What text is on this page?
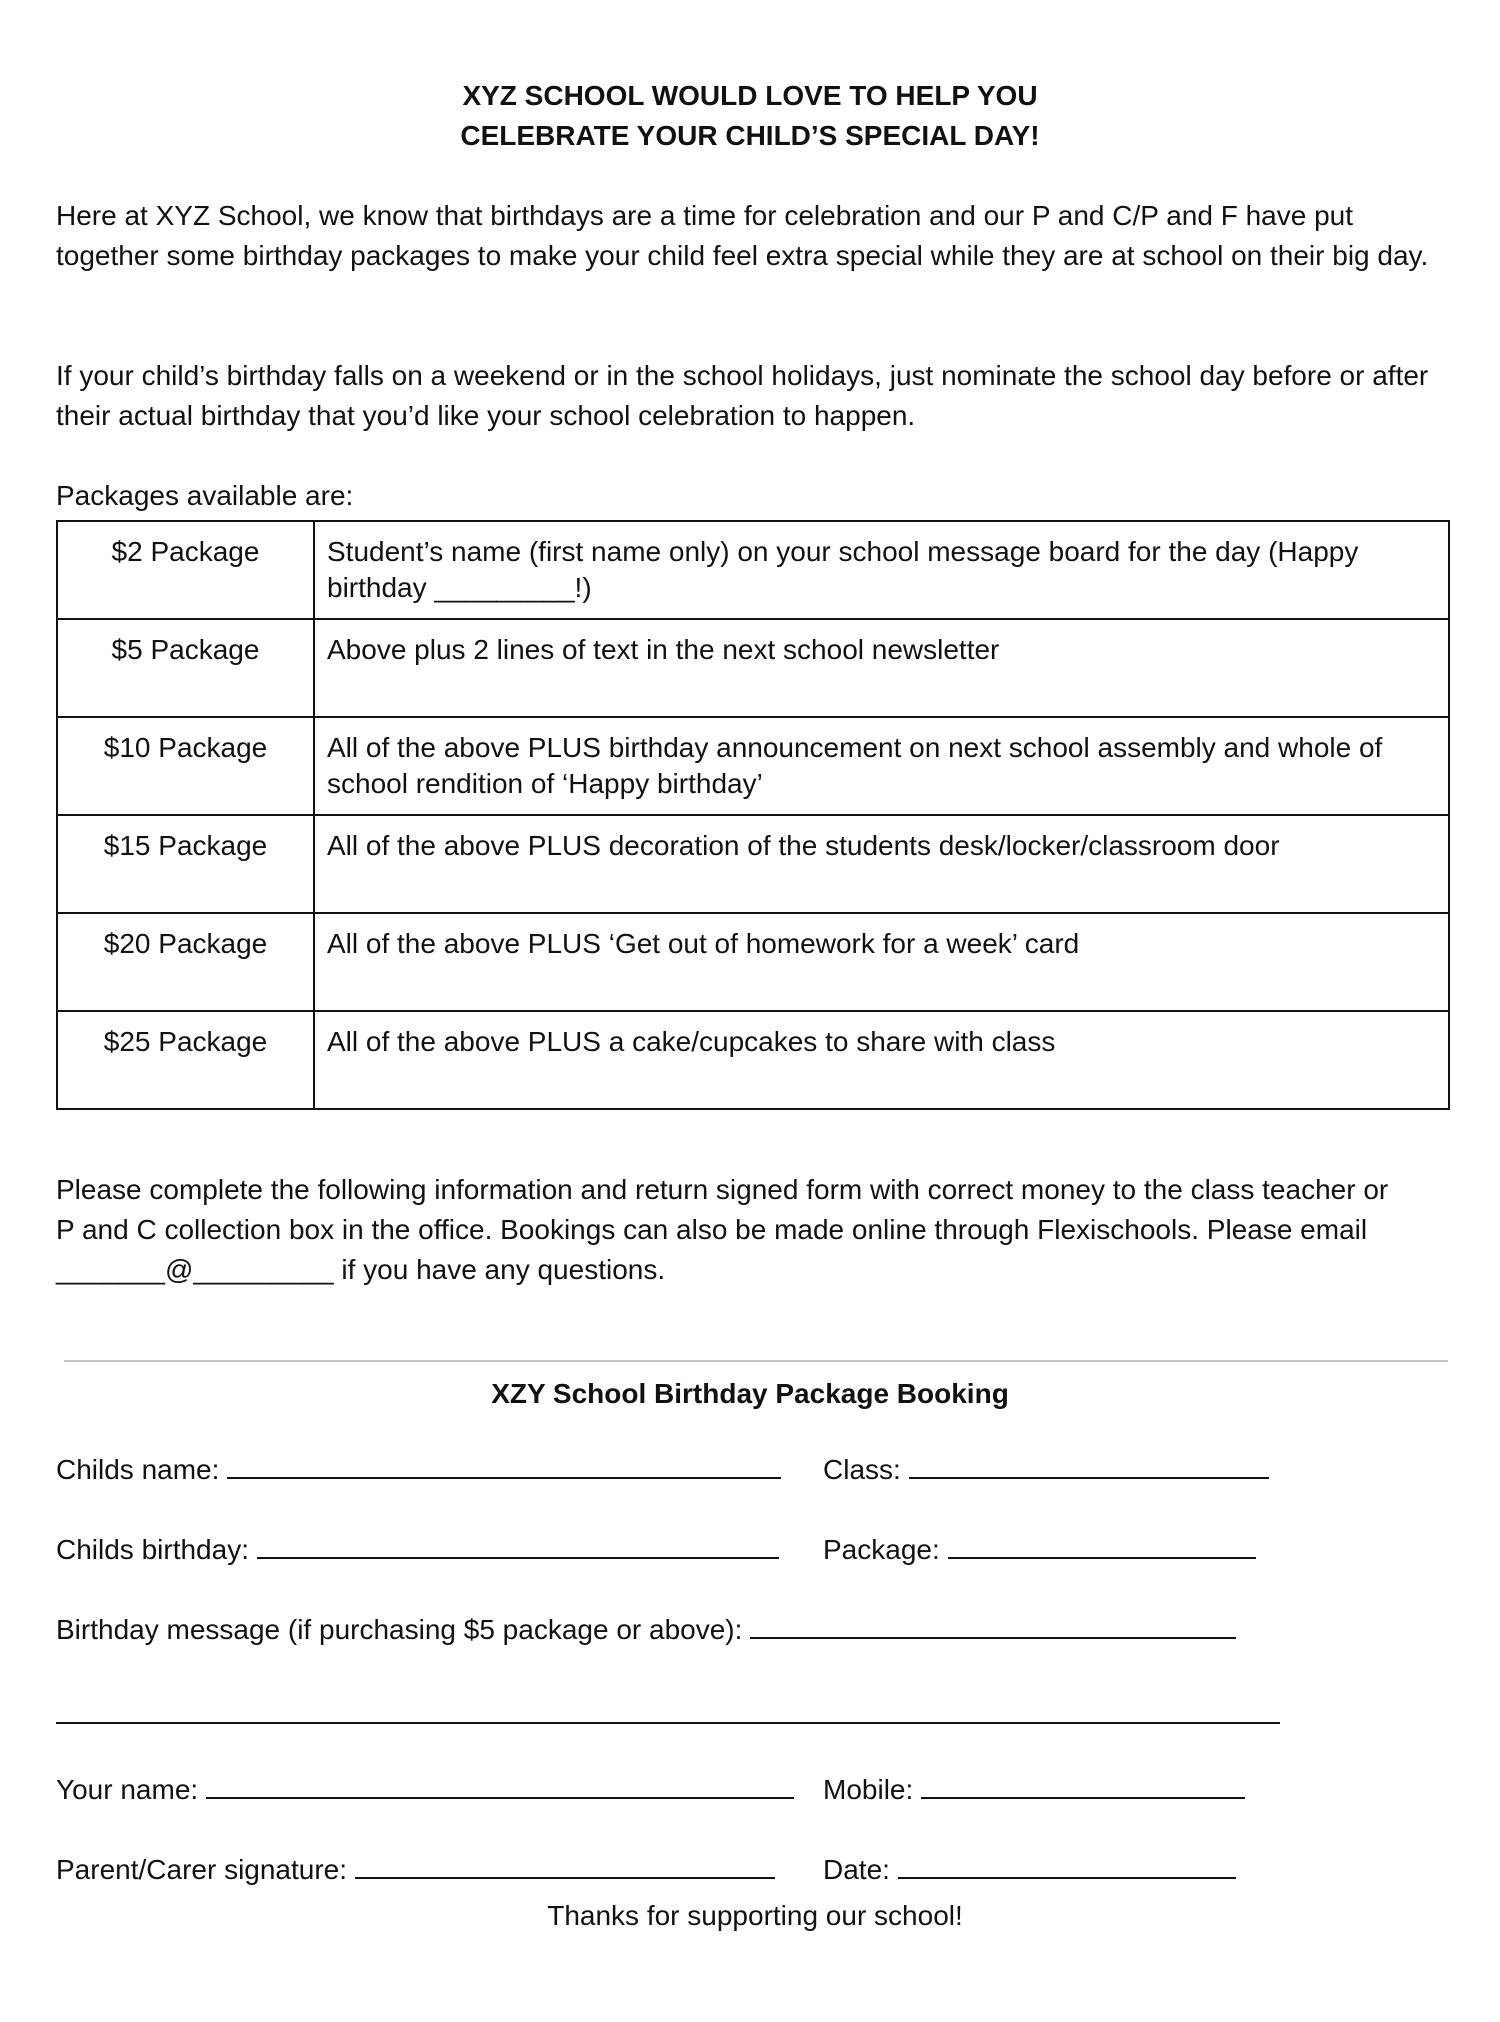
XYZ SCHOOL WOULD LOVE TO HELP YOU
CELEBRATE YOUR CHILD’S SPECIAL DAY!
Here at XYZ School, we know that birthdays are a time for celebration and our P and C/P and F have put together some birthday packages to make your child feel extra special while they are at school on their big day.
If your child’s birthday falls on a weekend or in the school holidays, just nominate the school day before or after their actual birthday that you’d like your school celebration to happen.
Packages available are:
$2 Package	Student’s name (first name only) on your school message board for the day (Happy birthday _________!)
$5 Package	Above plus 2 lines of text in the next school newsletter
$10 Package	All of the above PLUS birthday announcement on next school assembly and whole of school rendition of ‘Happy birthday’
$15 Package	All of the above PLUS decoration of the students desk/locker/classroom door
$20 Package	All of the above PLUS ‘Get out of homework for a week’ card
$25 Package	All of the above PLUS a cake/cupcakes to share with class
Please complete the following information and return signed form with correct money to the class teacher or
P and C collection box in the office. Bookings can also be made online through Flexischools. Please email
_______@_________ if you have any questions.
XZY School Birthday Package Booking
Childs name:	Class:
Childs birthday:	Package:
Birthday message (if purchasing $5 package or above):
Your name:	Mobile:
Parent/Carer signature:	Date:
Thanks for supporting our school!
